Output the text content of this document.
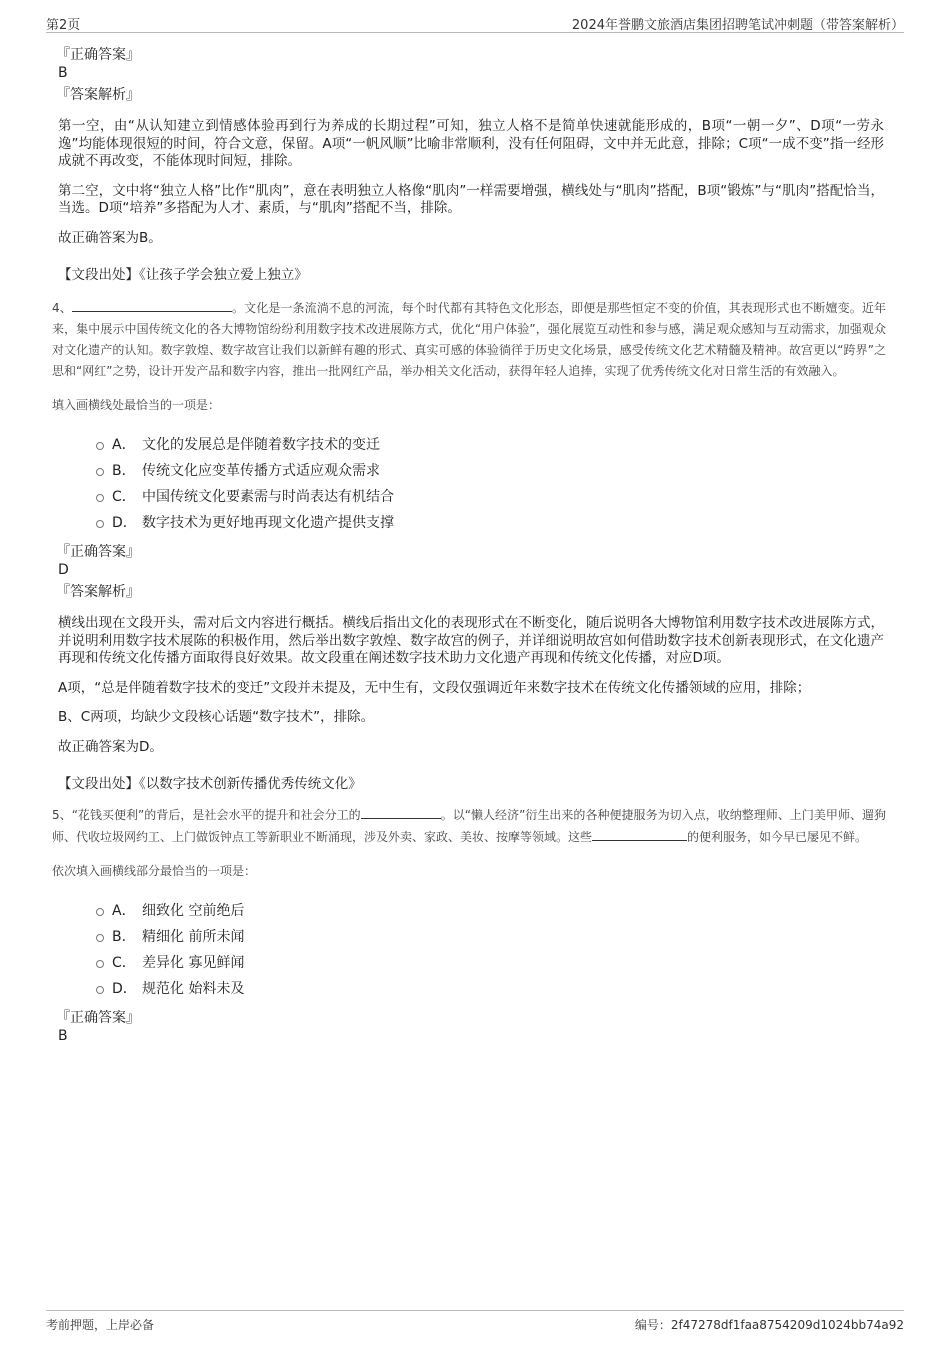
第2页	2024年誉鹏文旅酒店集团招聘笔试冲刺题（带答案解析）

『正确答案』

B

『答案解析』

第一空，由“从认知建立到情感体验再到行为养成的长期过程”可知，独立人格不是简单快速就能形成的，B项“一朝一夕”、D项“一劳永逸”均能体现很短的时间，符合文意，保留。A项“一帆风顺”比喻非常顺利，没有任何阻碍，文中并无此意，排除；C项“一成不变”指一经形成就不再改变，不能体现时间短，排除。

第二空，文中将“独立人格”比作“肌肉”，意在表明独立人格像“肌肉”一样需要增强，横线处与“肌肉”搭配，B项“锻炼”与“肌肉”搭配恰当，当选。D项“培养”多搭配为人才、素质，与“肌肉”搭配不当，排除。

故正确答案为B。

【文段出处】《让孩子学会独立爱上独立》

4、	。文化是一条流淌不息的河流，每个时代都有其特色文化形态，即便是那些恒定不变的价值，其表现形式也不断嬗变。近年来，集中展示中国传统文化的各大博物馆纷纷利用数字技术改进展陈方式，优化“用户体验”，强化展览互动性和参与感，满足观众感知与互动需求，加强观众对文化遗产的认知。数字敦煌、数字故宫让我们以新鲜有趣的形式、真实可感的体验徜徉于历史文化场景，感受传统文化艺术精髓及精神。故宫更以“跨界”之思和“网红”之势，设计开发产品和数字内容，推出一批网红产品，举办相关文化活动，获得年轻人追捧，实现了优秀传统文化对日常生活的有效融入。

填入画横线处最恰当的一项是：

A． 文化的发展总是伴随着数字技术的变迁
B． 传统文化应变革传播方式适应观众需求
C． 中国传统文化要素需与时尚表达有机结合
D． 数字技术为更好地再现文化遗产提供支撑

『正确答案』

D

『答案解析』

横线出现在文段开头，需对后文内容进行概括。横线后指出文化的表现形式在不断变化，随后说明各大博物馆利用数字技术改进展陈方式，并说明利用数字技术展陈的积极作用，然后举出数字敦煌、数字故宫的例子，并详细说明故宫如何借助数字技术创新表现形式，在文化遗产再现和传统文化传播方面取得良好效果。故文段重在阐述数字技术助力文化遗产再现和传统文化传播，对应D项。

A项，“总是伴随着数字技术的变迁”文段并未提及，无中生有，文段仅强调近年来数字技术在传统文化传播领域的应用，排除；

B、C两项，均缺少文段核心话题“数字技术”，排除。

故正确答案为D。

【文段出处】《以数字技术创新传播优秀传统文化》

5、“花钱买便利”的背后，是社会水平的提升和社会分工的	。以“懒人经济”衍生出来的各种便捷服务为切入点，收纳整理师、上门美甲师、遛狗师、代收垃圾网约工、上门做饭钟点工等新职业不断涌现，涉及外卖、家政、美妆、按摩等领域。这些	的便利服务，如今早已屡见不鲜。

依次填入画横线部分最恰当的一项是：

A． 细致化 空前绝后
B． 精细化 前所未闻
C． 差异化 寡见鲜闻
D． 规范化 始料未及

『正确答案』

B

考前押题，上岸必备	编号：2f47278df1faa8754209d1024bb74a92
